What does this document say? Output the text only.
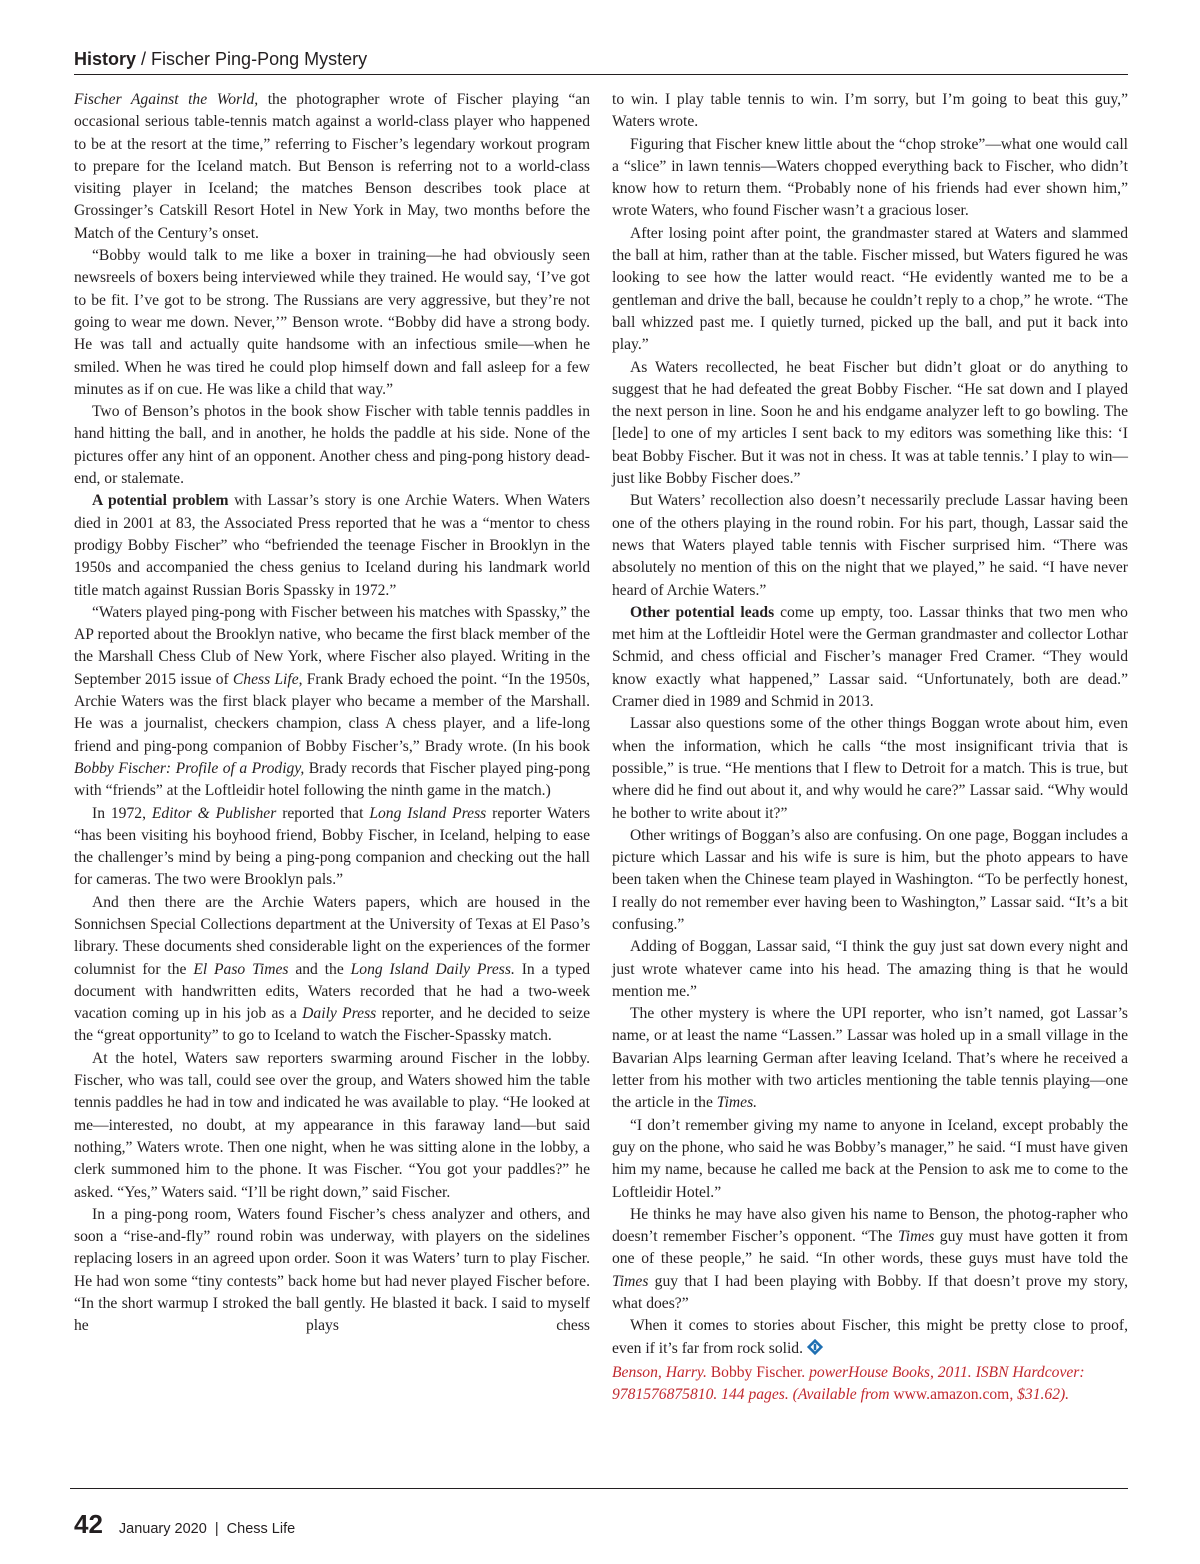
History / Fischer Ping-Pong Mystery

Fischer Against the World, the photographer wrote of Fischer playing “an occasional serious table-tennis match against a world-class player who happened to be at the resort at the time,” referring to Fischer’s legendary workout program to prepare for the Iceland match. But Benson is referring not to a world-class visiting player in Iceland; the matches Benson describes took place at Grossinger’s Catskill Resort Hotel in New York in May, two months before the Match of the Century’s onset.

“Bobby would talk to me like a boxer in training—he had obviously seen newsreels of boxers being interviewed while they trained. He would say, ‘I’ve got to be fit. I’ve got to be strong. The Russians are very aggressive, but they’re not going to wear me down. Never,’” Benson wrote. “Bobby did have a strong body. He was tall and actually quite handsome with an infectious smile—when he smiled. When he was tired he could plop himself down and fall asleep for a few minutes as if on cue. He was like a child that way.”

Two of Benson’s photos in the book show Fischer with table tennis paddles in hand hitting the ball, and in another, he holds the paddle at his side. None of the pictures offer any hint of an opponent. Another chess and ping-pong history dead-end, or stalemate.

A potential problem with Lassar’s story is one Archie Waters. When Waters died in 2001 at 83, the Associated Press reported that he was a “mentor to chess prodigy Bobby Fischer” who “befriended the teenage Fischer in Brooklyn in the 1950s and accompanied the chess genius to Iceland during his landmark world title match against Russian Boris Spassky in 1972.”

“Waters played ping-pong with Fischer between his matches with Spassky,” the AP reported about the Brooklyn native, who became the first black member of the the Marshall Chess Club of New York, where Fischer also played. Writing in the September 2015 issue of Chess Life, Frank Brady echoed the point. “In the 1950s, Archie Waters was the first black player who became a member of the Marshall. He was a journalist, checkers champion, class A chess player, and a life-long friend and ping-pong companion of Bobby Fischer’s,” Brady wrote. (In his book Bobby Fischer: Profile of a Prodigy, Brady records that Fischer played ping-pong with “friends” at the Loftleidir hotel following the ninth game in the match.)

In 1972, Editor & Publisher reported that Long Island Press reporter Waters “has been visiting his boyhood friend, Bobby Fischer, in Iceland, helping to ease the challenger’s mind by being a ping-pong companion and checking out the hall for cameras. The two were Brooklyn pals.”

And then there are the Archie Waters papers, which are housed in the Sonnichsen Special Collections department at the University of Texas at El Paso’s library. These documents shed considerable light on the experiences of the former columnist for the El Paso Times and the Long Island Daily Press. In a typed document with handwritten edits, Waters recorded that he had a two-week vacation coming up in his job as a Daily Press reporter, and he decided to seize the “great opportunity” to go to Iceland to watch the Fischer-Spassky match.

At the hotel, Waters saw reporters swarming around Fischer in the lobby. Fischer, who was tall, could see over the group, and Waters showed him the table tennis paddles he had in tow and indicated he was available to play. “He looked at me—interested, no doubt, at my appearance in this faraway land—but said nothing,” Waters wrote. Then one night, when he was sitting alone in the lobby, a clerk summoned him to the phone. It was Fischer. “You got your paddles?” he asked. “Yes,” Waters said. “I’ll be right down,” said Fischer.

In a ping-pong room, Waters found Fischer’s chess analyzer and others, and soon a “rise-and-fly” round robin was underway, with players on the sidelines replacing losers in an agreed upon order. Soon it was Waters’ turn to play Fischer. He had won some “tiny contests” back home but had never played Fischer before. “In the short warmup I stroked the ball gently. He blasted it back. I said to myself he plays chess

to win. I play table tennis to win. I’m sorry, but I’m going to beat this guy,” Waters wrote.

Figuring that Fischer knew little about the “chop stroke”—what one would call a “slice” in lawn tennis—Waters chopped everything back to Fischer, who didn’t know how to return them. “Probably none of his friends had ever shown him,” wrote Waters, who found Fischer wasn’t a gracious loser.

After losing point after point, the grandmaster stared at Waters and slammed the ball at him, rather than at the table. Fischer missed, but Waters figured he was looking to see how the latter would react. “He evidently wanted me to be a gentleman and drive the ball, because he couldn’t reply to a chop,” he wrote. “The ball whizzed past me. I quietly turned, picked up the ball, and put it back into play.”

As Waters recollected, he beat Fischer but didn’t gloat or do anything to suggest that he had defeated the great Bobby Fischer. “He sat down and I played the next person in line. Soon he and his endgame analyzer left to go bowling. The [lede] to one of my articles I sent back to my editors was something like this: ‘I beat Bobby Fischer. But it was not in chess. It was at table tennis.’ I play to win—just like Bobby Fischer does.”

But Waters’ recollection also doesn’t necessarily preclude Lassar having been one of the others playing in the round robin. For his part, though, Lassar said the news that Waters played table tennis with Fischer surprised him. “There was absolutely no mention of this on the night that we played,” he said. “I have never heard of Archie Waters.”

Other potential leads come up empty, too. Lassar thinks that two men who met him at the Loftleidir Hotel were the German grandmaster and collector Lothar Schmid, and chess official and Fischer’s manager Fred Cramer. “They would know exactly what happened,” Lassar said. “Unfortunately, both are dead.” Cramer died in 1989 and Schmid in 2013.

Lassar also questions some of the other things Boggan wrote about him, even when the information, which he calls “the most insignificant trivia that is possible,” is true. “He mentions that I flew to Detroit for a match. This is true, but where did he find out about it, and why would he care?” Lassar said. “Why would he bother to write about it?”

Other writings of Boggan’s also are confusing. On one page, Boggan includes a picture which Lassar and his wife is sure is him, but the photo appears to have been taken when the Chinese team played in Washington. “To be perfectly honest, I really do not remember ever having been to Washington,” Lassar said. “It’s a bit confusing.”

Adding of Boggan, Lassar said, “I think the guy just sat down every night and just wrote whatever came into his head. The amazing thing is that he would mention me.”

The other mystery is where the UPI reporter, who isn’t named, got Lassar’s name, or at least the name “Lassen.” Lassar was holed up in a small village in the Bavarian Alps learning German after leaving Iceland. That’s where he received a letter from his mother with two articles mentioning the table tennis playing—one the article in the Times.

“I don’t remember giving my name to anyone in Iceland, except probably the guy on the phone, who said he was Bobby’s manager,” he said. “I must have given him my name, because he called me back at the Pension to ask me to come to the Loftleidir Hotel.”

He thinks he may have also given his name to Benson, the photog-rapher who doesn’t remember Fischer’s opponent. “The Times guy must have gotten it from one of these people,” he said. “In other words, these guys must have told the Times guy that I had been playing with Bobby. If that doesn’t prove my story, what does?”

When it comes to stories about Fischer, this might be pretty close to proof, even if it’s far from rock solid.

Benson, Harry. Bobby Fischer. powerHouse Books, 2011. ISBN Hardcover: 9781576875810. 144 pages. (Available from www.amazon.com, $31.62).

42 January 2020  |  Chess Life
